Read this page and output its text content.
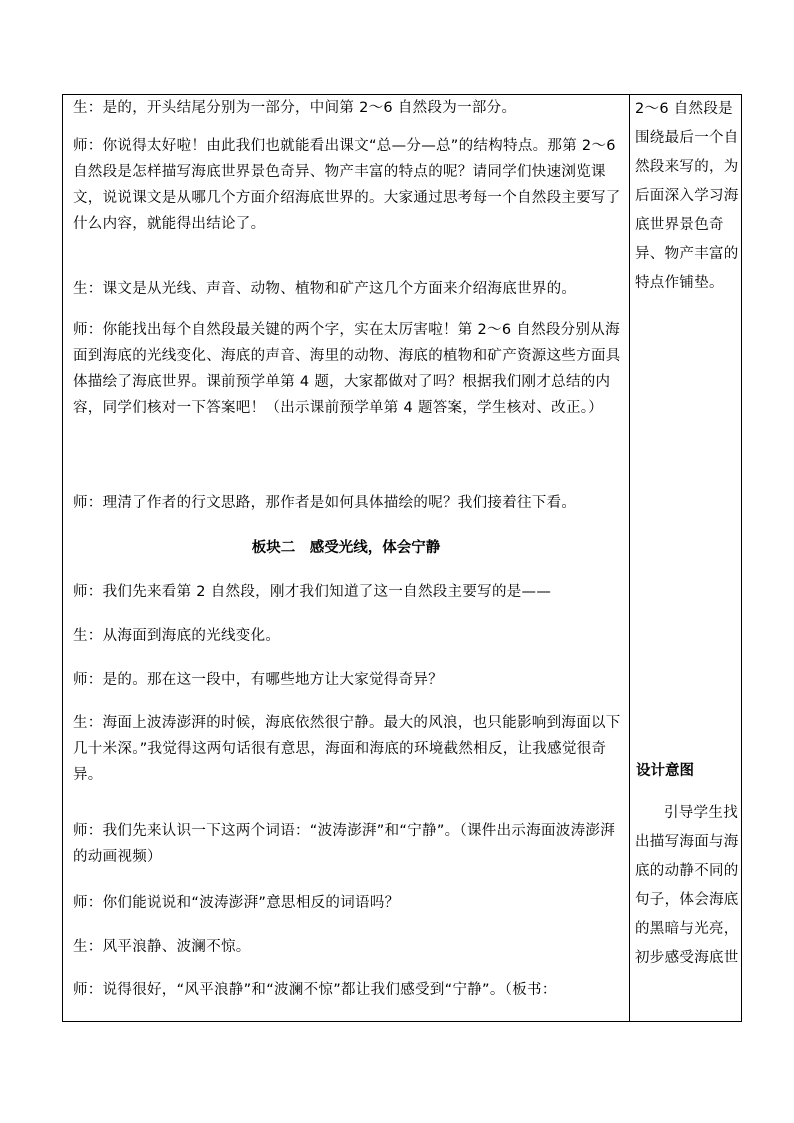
生：是的，开头结尾分别为一部分，中间第 2～6 自然段为一部分。

师：你说得太好啦！由此我们也就能看出课文“总—分—总”的结构特点。那第 2～6 自然段是怎样描写海底世界景色奇异、物产丰富的特点的呢？请同学们快速浏览课文，说说课文是从哪几个方面介绍海底世界的。大家通过思考每一个自然段主要写了什么内容，就能得出结论了。

生：课文是从光线、声音、动物、植物和矿产这几个方面来介绍海底世界的。

师：你能找出每个自然段最关键的两个字，实在太厉害啦！第 2～6 自然段分别从海面到海底的光线变化、海底的声音、海里的动物、海底的植物和矿产资源这些方面具体描绘了海底世界。课前预学单第 4 题，大家都做对了吗？根据我们刚才总结的内容，同学们核对一下答案吧！（出示课前预学单第 4 题答案，学生核对、改正。）

师：理清了作者的行文思路，那作者是如何具体描绘的呢？我们接着往下看。

板块二　感受光线，体会宁静

师：我们先来看第 2 自然段，刚才我们知道了这一自然段主要写的是——

生：从海面到海底的光线变化。

师：是的。那在这一段中，有哪些地方让大家觉得奇异？

生：海面上波涛澎湃的时候，海底依然很宁静。最大的风浪，也只能影响到海面以下几十米深。”我觉得这两句话很有意思，海面和海底的环境截然相反，让我感觉很奇异。

师：我们先来认识一下这两个词语：“波涛澎湃”和“宁静”。（课件出示海面波涛澎湃的动画视频）

师：你们能说说和“波涛澎湃”意思相反的词语吗？

生：风平浪静、波澜不惊。

师：说得很好，“风平浪静”和“波澜不惊”都让我们感受到“宁静”。（板书：

2～6 自然段是围绕最后一个自然段来写的，为后面深入学习海底世界景色奇异、物产丰富的特点作铺垫。
设计意图
引导学生找出描写海面与海底的动静不同的句子，体会海底的黑暗与光亮，初步感受海底世
